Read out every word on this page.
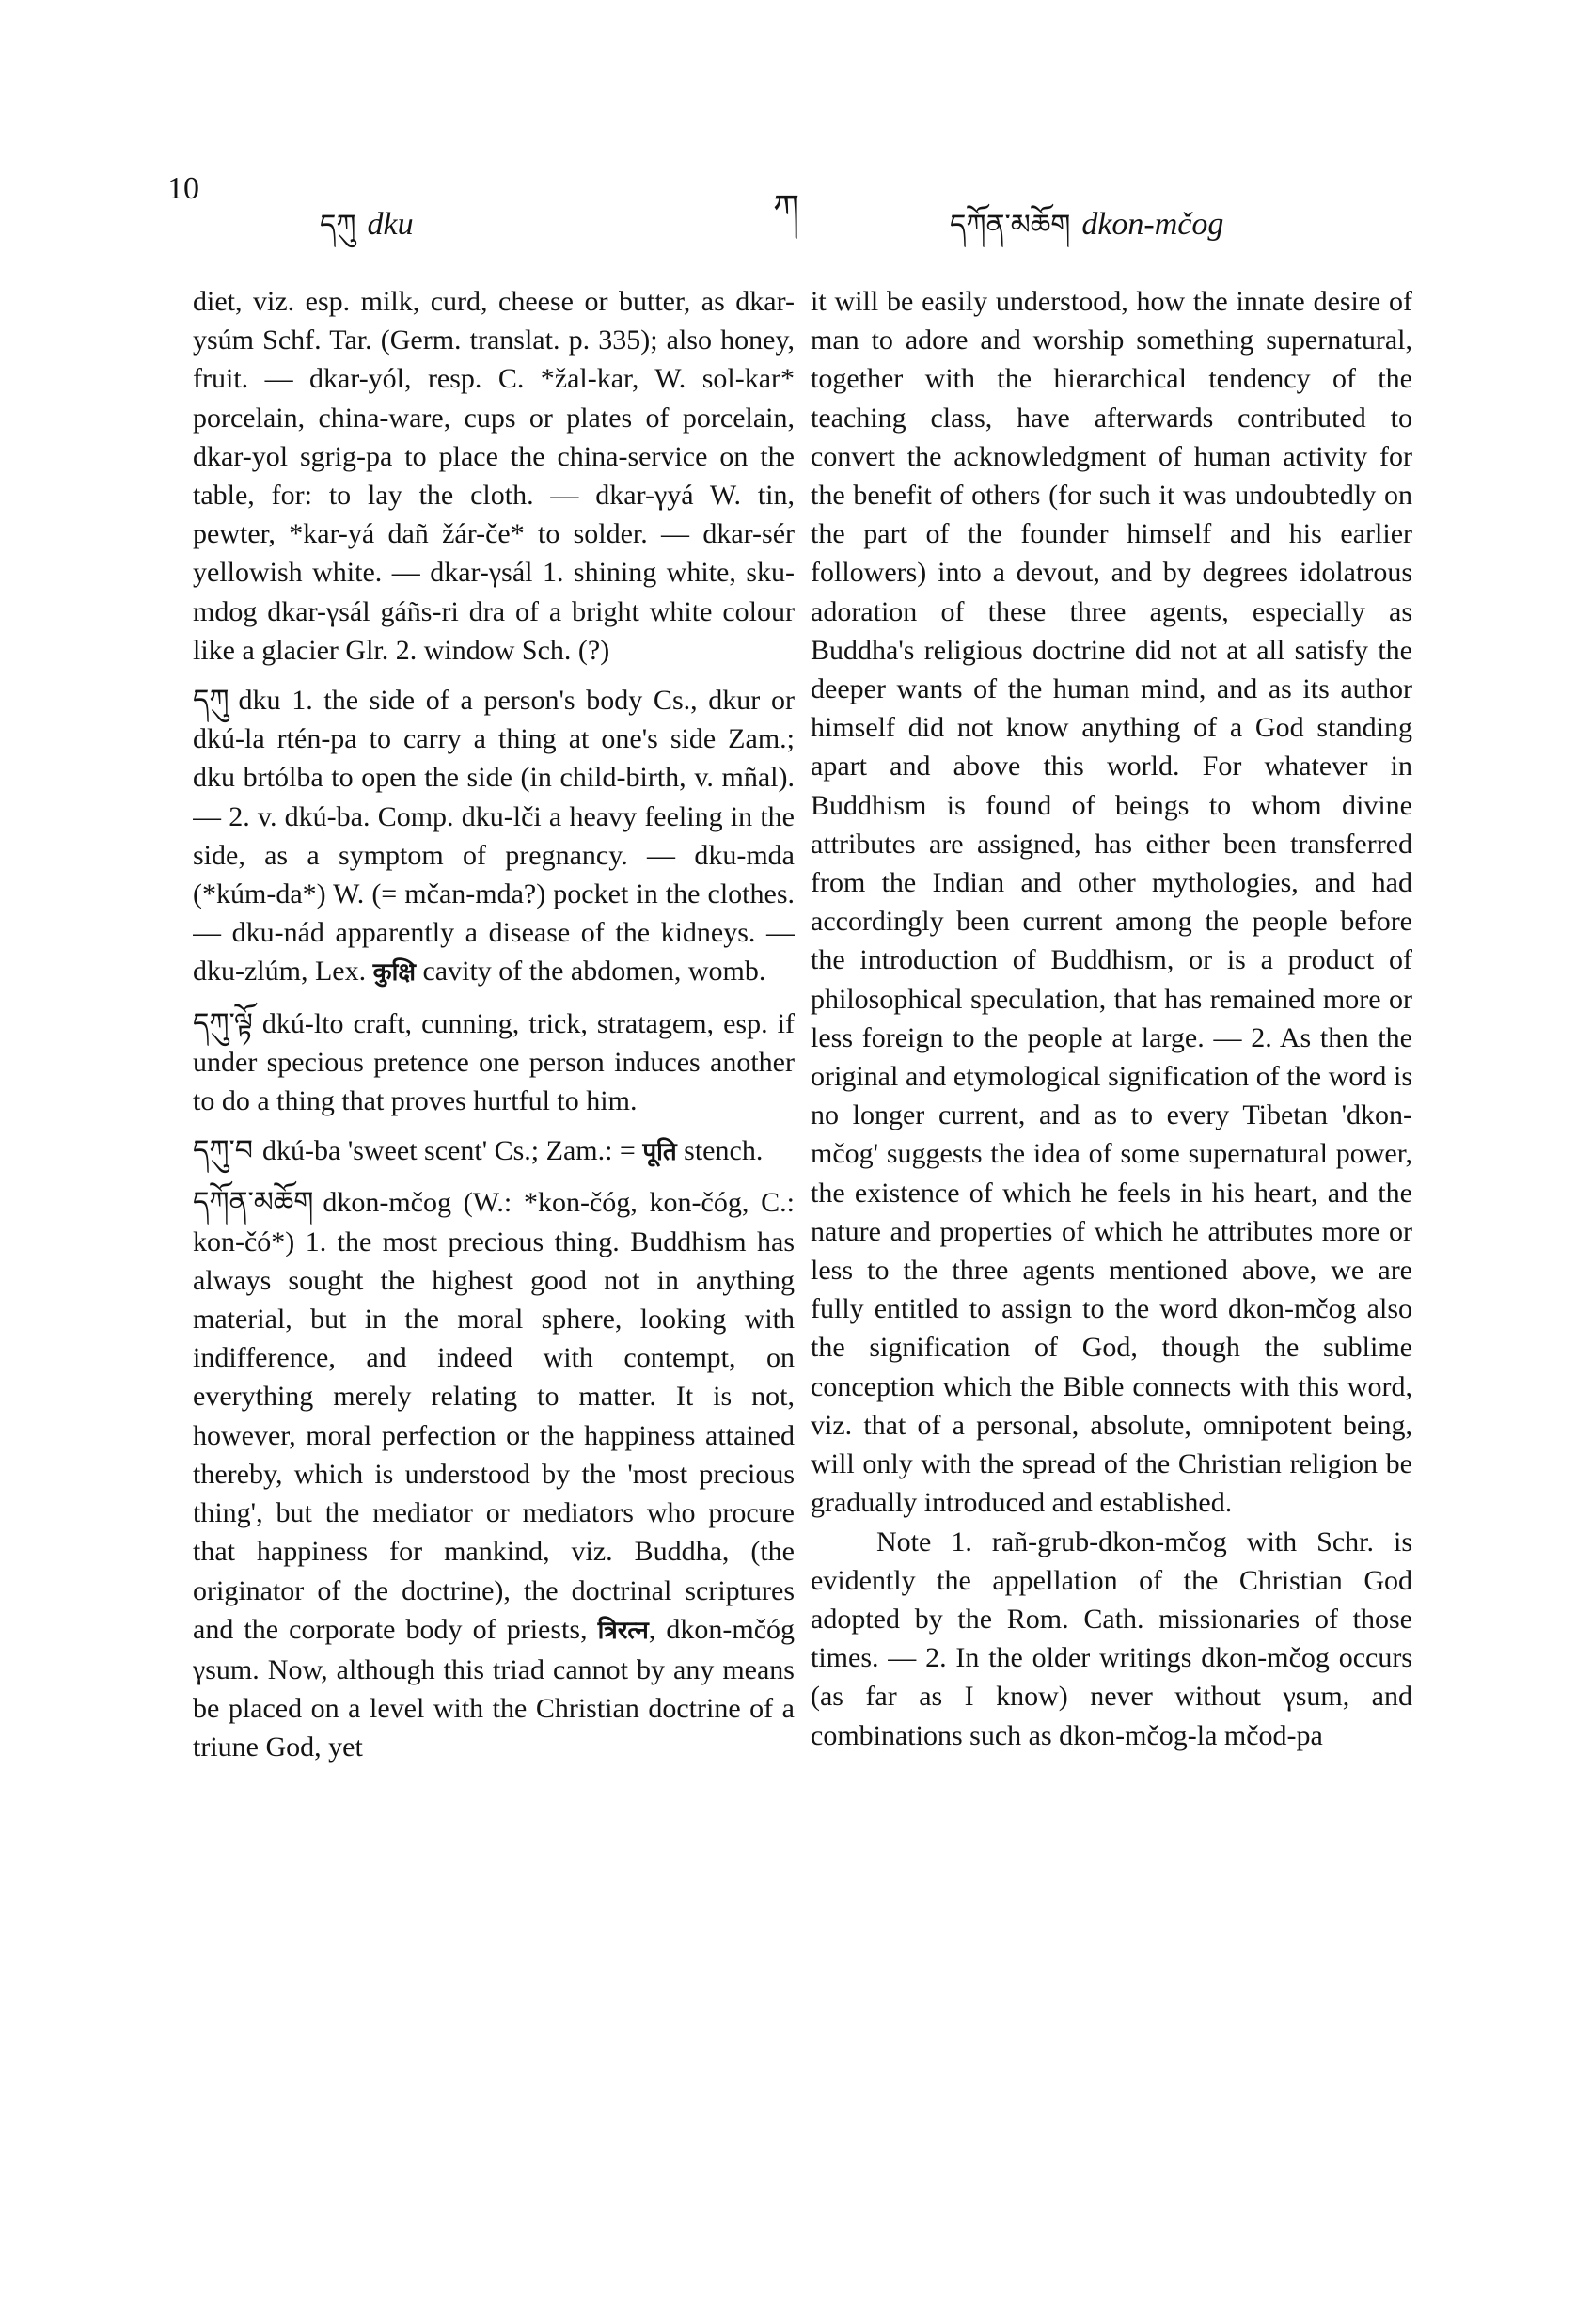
10
དཀུ dku	ཀ	དཀོན་མཆོག dkon-mčog

diet, viz. esp. milk, curd, cheese or butter, as dkar-ysúm Schf. Tar. (Germ. translat. p. 335); also honey, fruit. — dkar-yól, resp. C. *žal-kar, W. sol-kar* porcelain, china-ware, cups or plates of porcelain, dkar-yol sgrig-pa to place the china-service on the table, for: to lay the cloth. — dkar-γyá W. tin, pewter, *kar-yá dañ žár-če* to solder. — dkar-sér yellowish white. — dkar-γsál 1. shining white, sku-mdog dkar-γsál gáñs-ri dra of a bright white colour like a glacier Glr. 2. window Sch. (?)

དཀུ dku 1. the side of a person's body Cs., dkur or dkú-la rtén-pa to carry a thing at one's side Zam.; dku brtólba to open the side (in child-birth, v. mñal). — 2. v. dkú-ba. Comp. dku-lči a heavy feeling in the side, as a symptom of pregnancy. — dku-mda (*kúm-da*) W. (= mčan-mda?) pocket in the clothes. — dku-nád apparently a disease of the kidneys. — dku-zlúm, Lex. कुक्षि cavity of the abdomen, womb.

དཀུ་ལྟོ dkú-lto craft, cunning, trick, stratagem, esp. if under specious pretence one person induces another to do a thing that proves hurtful to him.

དཀུ་བ dkú-ba 'sweet scent' Cs.; Zam.: = पूति stench.

དཀོན་མཆོག dkon-mčog (W.: *kon-čóg, kon-čóg, C.: kon-čó*) 1. the most precious thing. Buddhism has always sought the highest good not in anything material, but in the moral sphere, looking with indifference, and indeed with contempt, on everything merely relating to matter. It is not, however, moral perfection or the happiness attained thereby, which is understood by the 'most precious thing', but the mediator or mediators who procure that happiness for mankind, viz. Buddha, (the originator of the doctrine), the doctrinal scriptures and the corporate body of priests, त्रिरत्न, dkon-mčóg γsum. Now, although this triad cannot by any means be placed on a level with the Christian doctrine of a triune God, yet

it will be easily understood, how the innate desire of man to adore and worship something supernatural, together with the hierarchical tendency of the teaching class, have afterwards contributed to convert the acknowledgment of human activity for the benefit of others (for such it was undoubtedly on the part of the founder himself and his earlier followers) into a devout, and by degrees idolatrous adoration of these three agents, especially as Buddha's religious doctrine did not at all satisfy the deeper wants of the human mind, and as its author himself did not know anything of a God standing apart and above this world. For whatever in Buddhism is found of beings to whom divine attributes are assigned, has either been transferred from the Indian and other mythologies, and had accordingly been current among the people before the introduction of Buddhism, or is a product of philosophical speculation, that has remained more or less foreign to the people at large. — 2. As then the original and etymological signification of the word is no longer current, and as to every Tibetan 'dkon-mčog' suggests the idea of some supernatural power, the existence of which he feels in his heart, and the nature and properties of which he attributes more or less to the three agents mentioned above, we are fully entitled to assign to the word dkon-mčog also the signification of God, though the sublime conception which the Bible connects with this word, viz. that of a personal, absolute, omnipotent being, will only with the spread of the Christian religion be gradually introduced and established.

Note 1. rañ-grub-dkon-mčog with Schr. is evidently the appellation of the Christian God adopted by the Rom. Cath. missionaries of those times. — 2. In the older writings dkon-mčog occurs (as far as I know) never without γsum, and combinations such as dkon-mčog-la mčod-pa
